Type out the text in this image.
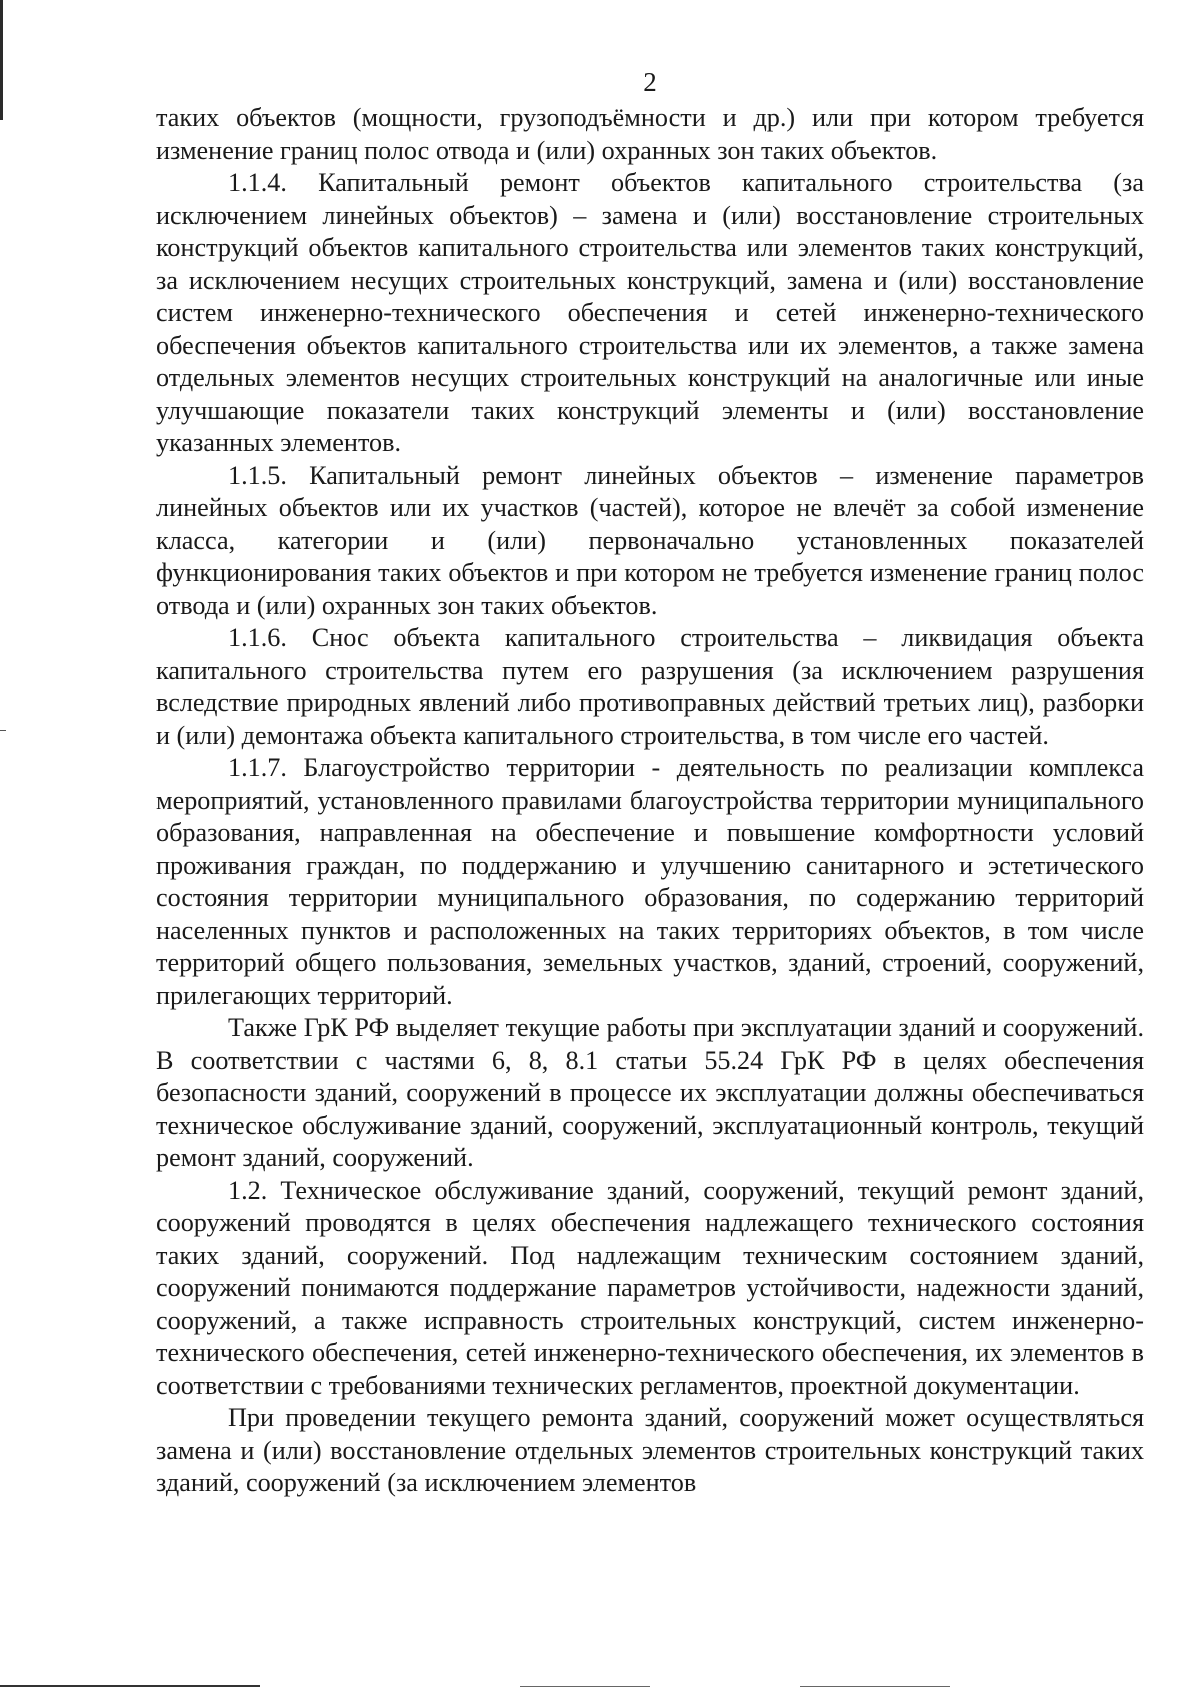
2

таких объектов (мощности, грузоподъёмности и др.) или при котором требуется изменение границ полос отвода и (или) охранных зон таких объектов.

1.1.4. Капитальный ремонт объектов капитального строительства (за исключением линейных объектов) – замена и (или) восстановление строительных конструкций объектов капитального строительства или элементов таких конструкций, за исключением несущих строительных конструкций, замена и (или) восстановление систем инженерно-технического обеспечения и сетей инженерно-технического обеспечения объектов капитального строительства или их элементов, а также замена отдельных элементов несущих строительных конструкций на аналогичные или иные улучшающие показатели таких конструкций элементы и (или) восстановление указанных элементов.

1.1.5. Капитальный ремонт линейных объектов – изменение параметров линейных объектов или их участков (частей), которое не влечёт за собой изменение класса, категории и (или) первоначально установленных показателей функционирования таких объектов и при котором не требуется изменение границ полос отвода и (или) охранных зон таких объектов.

1.1.6. Снос объекта капитального строительства – ликвидация объекта капитального строительства путем его разрушения (за исключением разрушения вследствие природных явлений либо противоправных действий третьих лиц), разборки и (или) демонтажа объекта капитального строительства, в том числе его частей.

1.1.7. Благоустройство территории - деятельность по реализации комплекса мероприятий, установленного правилами благоустройства территории муниципального образования, направленная на обеспечение и повышение комфортности условий проживания граждан, по поддержанию и улучшению санитарного и эстетического состояния территории муниципального образования, по содержанию территорий населенных пунктов и расположенных на таких территориях объектов, в том числе территорий общего пользования, земельных участков, зданий, строений, сооружений, прилегающих территорий.

Также ГрК РФ выделяет текущие работы при эксплуатации зданий и сооружений. В соответствии с частями 6, 8, 8.1 статьи 55.24 ГрК РФ в целях обеспечения безопасности зданий, сооружений в процессе их эксплуатации должны обеспечиваться техническое обслуживание зданий, сооружений, эксплуатационный контроль, текущий ремонт зданий, сооружений.

1.2. Техническое обслуживание зданий, сооружений, текущий ремонт зданий, сооружений проводятся в целях обеспечения надлежащего технического состояния таких зданий, сооружений. Под надлежащим техническим состоянием зданий, сооружений понимаются поддержание параметров устойчивости, надежности зданий, сооружений, а также исправность строительных конструкций, систем инженерно-технического обеспечения, сетей инженерно-технического обеспечения, их элементов в соответствии с требованиями технических регламентов, проектной документации.

При проведении текущего ремонта зданий, сооружений может осуществляться замена и (или) восстановление отдельных элементов строительных конструкций таких зданий, сооружений (за исключением элементов
